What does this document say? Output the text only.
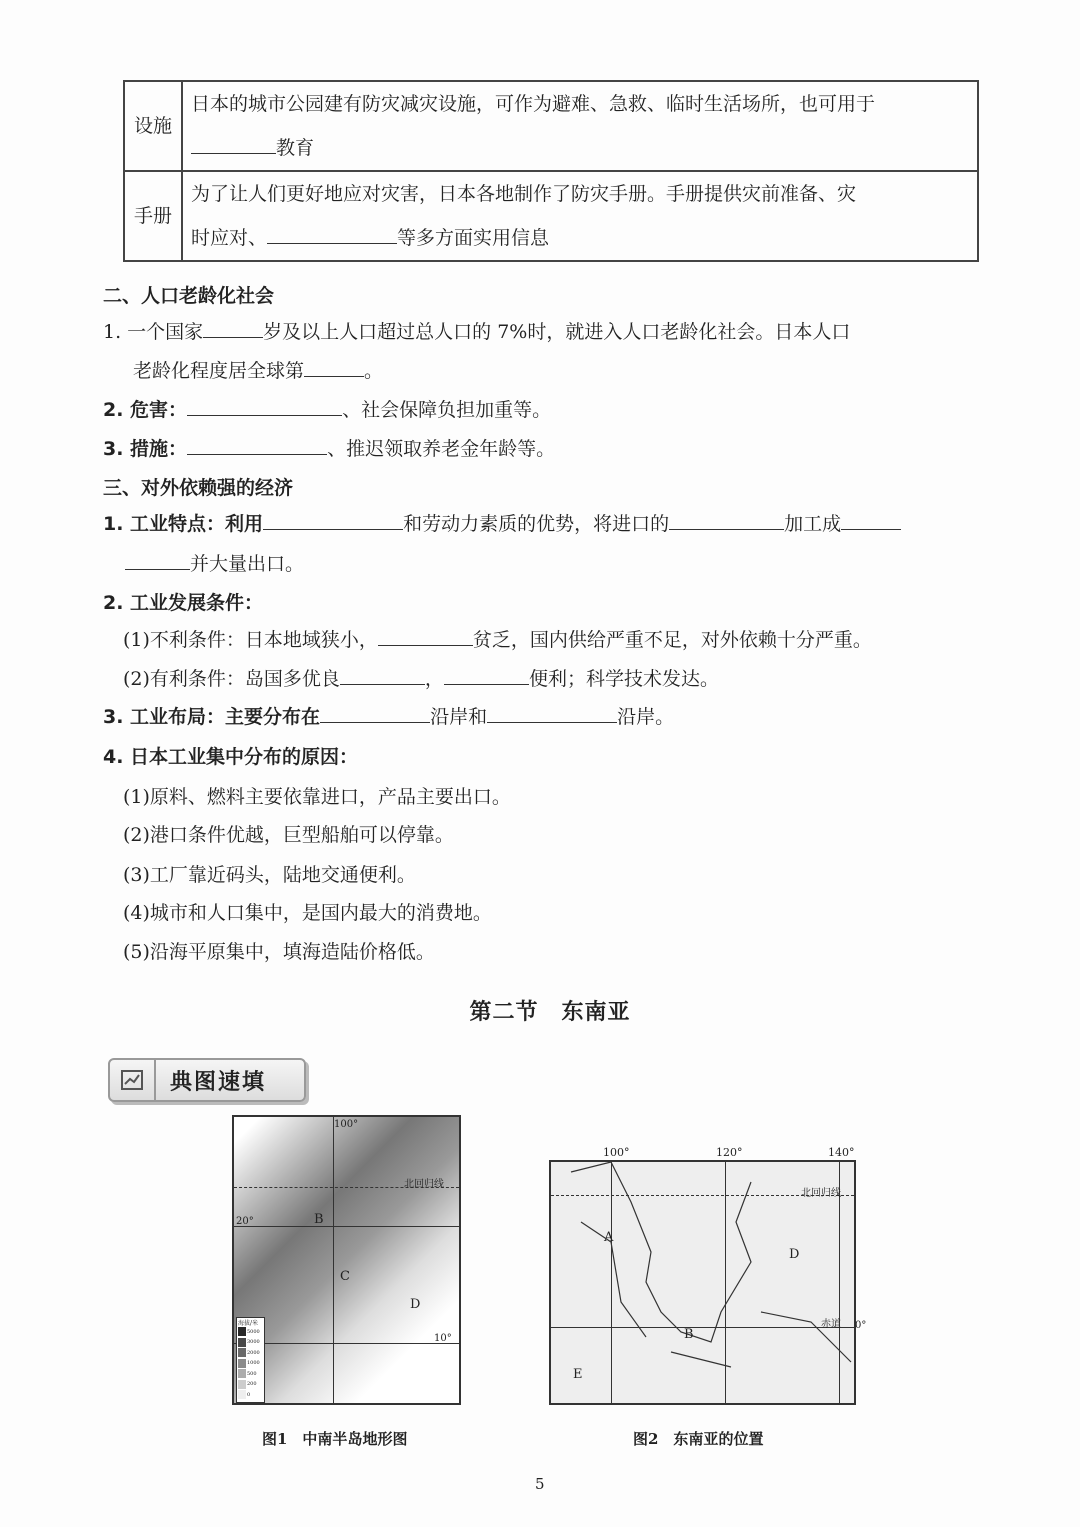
设施	日本的城市公园建有防灾减灾设施，可作为避难、急救、临时生活场所，也可用于
教育
手册	为了让人们更好地应对灾害，日本各地制作了防灾手册。手册提供灾前准备、灾
时应对、 等多方面实用信息
二、人口老龄化社会
1. 一个国家	岁及以上人口超过总人口的 7%时，就进入人口老龄化社会。日本人口
老龄化程度居全球第	。
2. 危害：	、社会保障负担加重等。
3. 措施：	、推迟领取养老金年龄等。
三、对外依赖强的经济
1. 工业特点：利用	和劳动力素质的优势，将进口的	加工成
并大量出口。
2. 工业发展条件：
(1)不利条件：日本地域狭小，	贫乏，国内供给严重不足，对外依赖十分严重。
(2)有利条件：岛国多优良	，	便利；科学技术发达。
3. 工业布局：主要分布在	沿岸和	沿岸。
4. 日本工业集中分布的原因：
(1)原料、燃料主要依靠进口，产品主要出口。
(2)港口条件优越，巨型船舶可以停靠。
(3)工厂靠近码头，陆地交通便利。
(4)城市和人口集中，是国内最大的消费地。
(5)沿海平原集中，填海造陆价格低。
第二节　东南亚
典图速填
100°
北回归线
20°
10°
B
C
D
海拔/米
5000
3000
2000
1000
500
200
0
图1　中南半岛地形图
100°	120°	140°
北回归线
赤道 0°
A
B
D
E
图2　东南亚的位置
5
